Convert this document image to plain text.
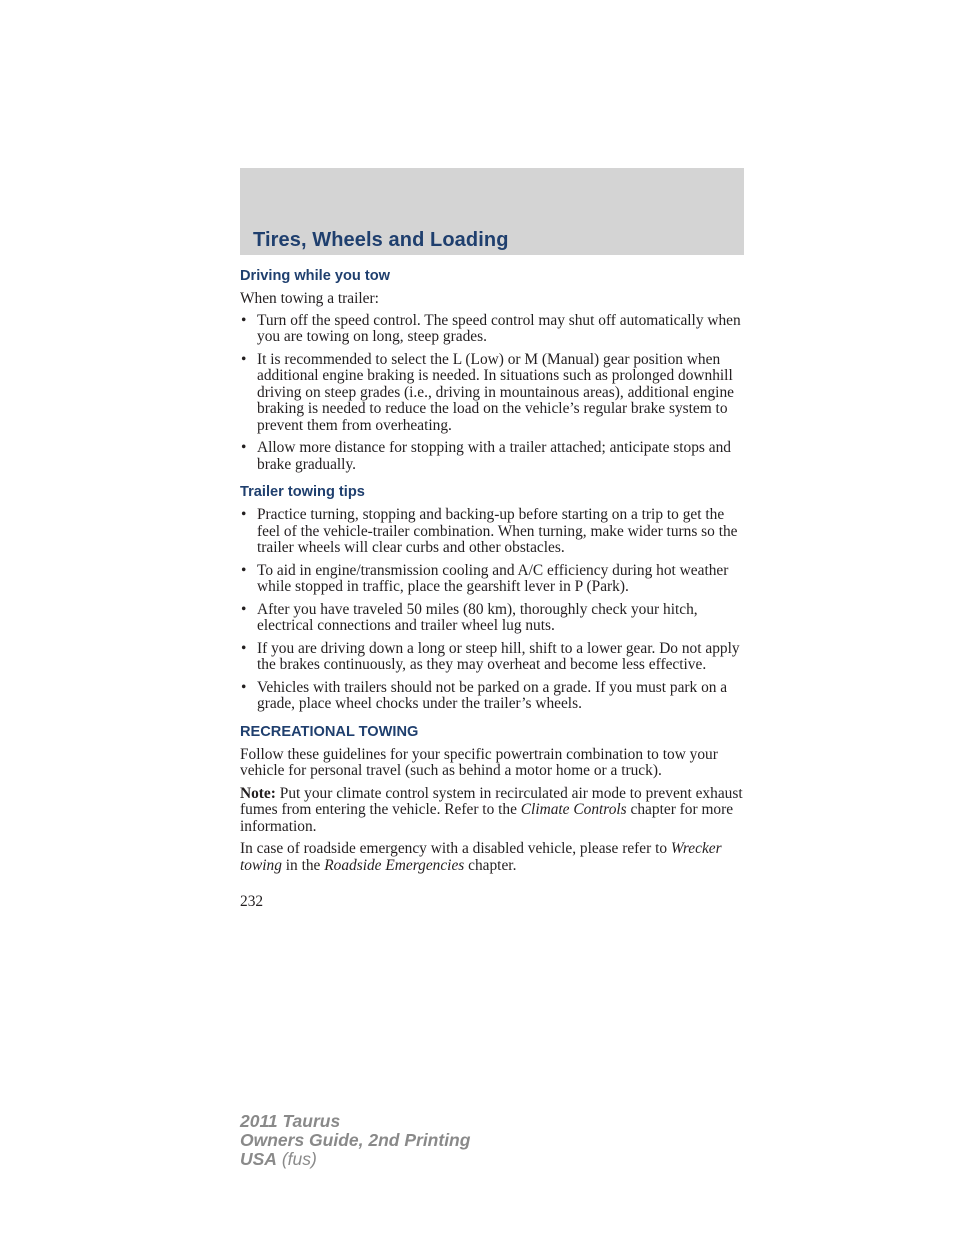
Tires, Wheels and Loading
Driving while you tow

When towing a trailer:

• Turn off the speed control. The speed control may shut off automatically when you are towing on long, steep grades.
• It is recommended to select the L (Low) or M (Manual) gear position when additional engine braking is needed. In situations such as prolonged downhill driving on steep grades (i.e., driving in mountainous areas), additional engine braking is needed to reduce the load on the vehicle’s regular brake system to prevent them from overheating.
• Allow more distance for stopping with a trailer attached; anticipate stops and brake gradually.
Trailer towing tips
• Practice turning, stopping and backing-up before starting on a trip to get the feel of the vehicle-trailer combination. When turning, make wider turns so the trailer wheels will clear curbs and other obstacles.
• To aid in engine/transmission cooling and A/C efficiency during hot weather while stopped in traffic, place the gearshift lever in P (Park).
• After you have traveled 50 miles (80 km), thoroughly check your hitch, electrical connections and trailer wheel lug nuts.
• If you are driving down a long or steep hill, shift to a lower gear. Do not apply the brakes continuously, as they may overheat and become less effective.
• Vehicles with trailers should not be parked on a grade. If you must park on a grade, place wheel chocks under the trailer’s wheels.
RECREATIONAL TOWING

Follow these guidelines for your specific powertrain combination to tow your vehicle for personal travel (such as behind a motor home or a truck).

Note: Put your climate control system in recirculated air mode to prevent exhaust fumes from entering the vehicle. Refer to the Climate Controls chapter for more information.

In case of roadside emergency with a disabled vehicle, please refer to Wrecker towing in the Roadside Emergencies chapter.

232

2011 Taurus
Owners Guide, 2nd Printing
USA (fus)
